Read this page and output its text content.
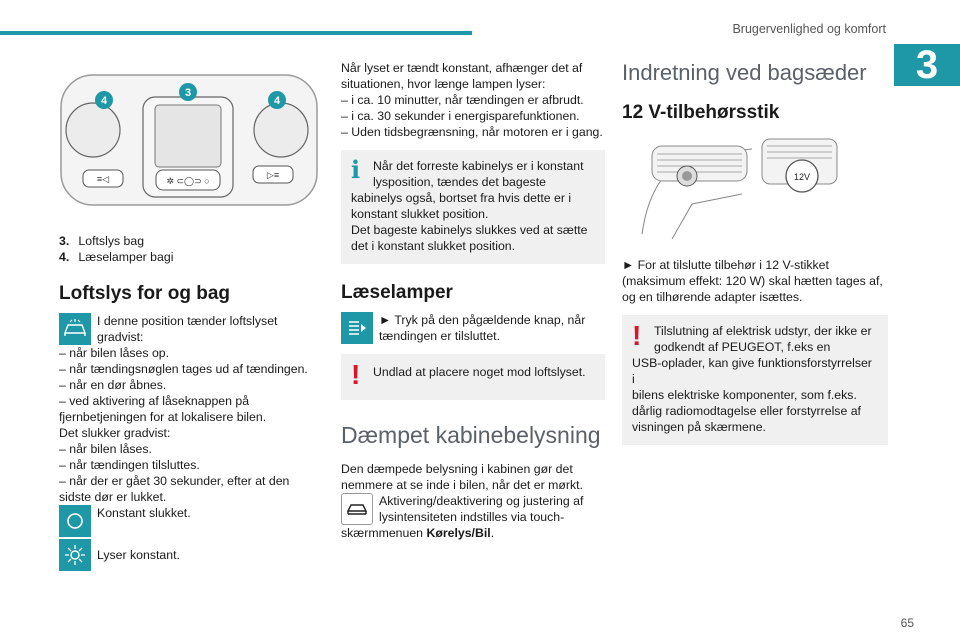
Brugervenlighed og komfort
3
65
≡◁	▷≡
✲ ⊂◯⊃ ○
4
3
4

3. Loftslys bag

4. Læselamper bagi

Loftslys for og bag

I denne position tænder loftslyset

gradvist:

– når bilen låses op.

– når tændingsnøglen tages ud af tændingen.

– når en dør åbnes.

– ved aktivering af låseknappen på

fjernbetjeningen for at lokalisere bilen.

Det slukker gradvist:

– når bilen låses.

– når tændingen tilsluttes.

– når der er gået 30 sekunder, efter at den

sidste dør er lukket.

Konstant slukket.

Lyser konstant.

Når lyset er tændt konstant, afhænger det af

situationen, hvor længe lampen lyser:

– i ca. 10 minutter, når tændingen er afbrudt.

– i ca. 30 sekunder i energisparefunktionen.

– Uden tidsbegrænsning, når motoren er i gang.

i Når det forreste kabinelys er i konstant

lysposition, tændes det bageste

kabinelys også, bortset fra hvis dette er i

konstant slukket position.

Det bageste kabinelys slukkes ved at sætte

det i konstant slukket position.

Læselamper

► Tryk på den pågældende knap, når

tændingen er tilsluttet.

!	Undlad at placere noget mod loftslyset.

Dæmpet kabinebelysning

Den dæmpede belysning i kabinen gør det

nemmere at se inde i bilen, når det er mørkt.

Aktivering/deaktivering og justering af

lysintensiteten indstilles via touch-

skærmmenuen Kørelys/Bil.

Indretning ved bagsæder
12 V-tilbehørsstik
12V

► For at tilslutte tilbehør i 12 V-stikket

(maksimum effekt: 120 W) skal hætten tages af,

og en tilhørende adapter isættes.

! Tilslutning af elektrisk udstyr, der ikke er

godkendt af PEUGEOT, f.eks en

USB-oplader, kan give funktionsforstyrrelser i

bilens elektriske komponenter, som f.eks.

dårlig radiomodtagelse eller forstyrrelse af

visningen på skærmene.
